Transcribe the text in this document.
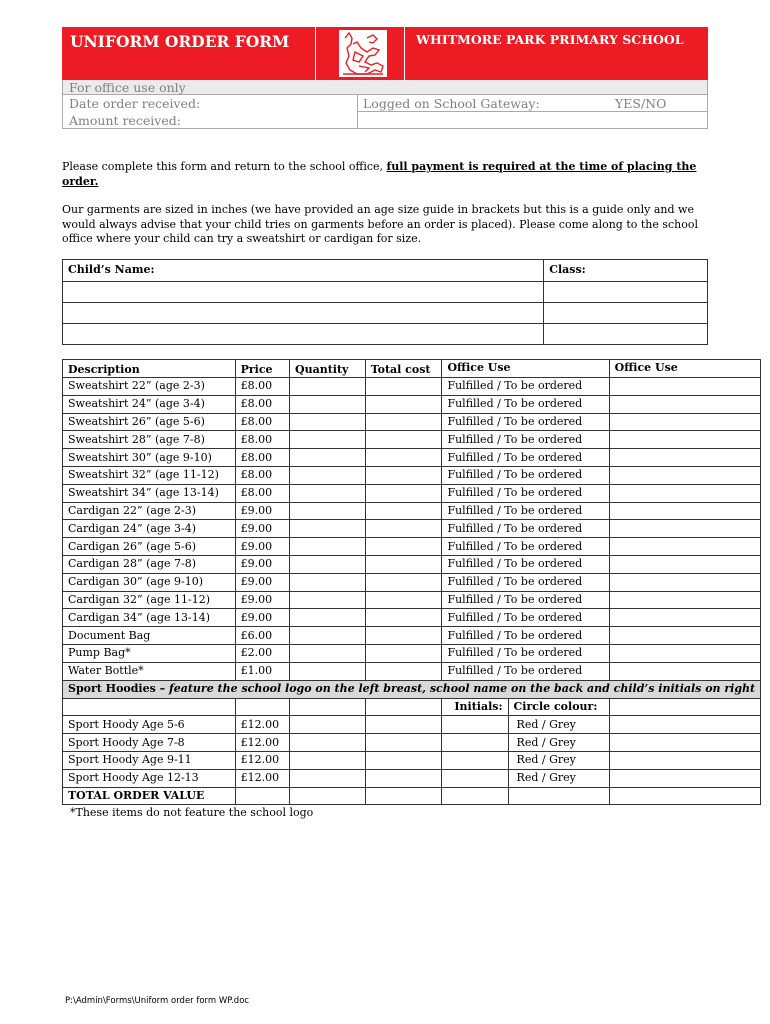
UNIFORM ORDER FORM	WHITMORE PARK PRIMARY SCHOOL
For office use only
Date order received:
Amount received:
Logged on School Gateway:	YES/NO
Please complete this form and return to the school office, full payment is required at the time of placing the order.
Our garments are sized in inches (we have provided an age size guide in brackets but this is a guide only and we would always advise that your child tries on garments before an order is placed). Please come along to the school office where your child can try a sweatshirt or cardigan for size.
Child’s Name:	Class:

Description	Price	Quantity	Total cost	Office Use		Office Use
Sweatshirt 22” (age 2-3)	£8.00			Fulfilled / To be ordered		
Sweatshirt 24” (age 3-4)	£8.00			Fulfilled / To be ordered		
Sweatshirt 26” (age 5-6)	£8.00			Fulfilled / To be ordered		
Sweatshirt 28” (age 7-8)	£8.00			Fulfilled / To be ordered		
Sweatshirt 30” (age 9-10)	£8.00			Fulfilled / To be ordered		
Sweatshirt 32” (age 11-12)	£8.00			Fulfilled / To be ordered		
Sweatshirt 34” (age 13-14)	£8.00			Fulfilled / To be ordered		
Cardigan 22” (age 2-3)	£9.00			Fulfilled / To be ordered		
Cardigan 24” (age 3-4)	£9.00			Fulfilled / To be ordered		
Cardigan 26” (age 5-6)	£9.00			Fulfilled / To be ordered		
Cardigan 28” (age 7-8)	£9.00			Fulfilled / To be ordered		
Cardigan 30” (age 9-10)	£9.00			Fulfilled / To be ordered		
Cardigan 32” (age 11-12)	£9.00			Fulfilled / To be ordered		
Cardigan 34” (age 13-14)	£9.00			Fulfilled / To be ordered		
Document Bag	£6.00			Fulfilled / To be ordered		
Pump Bag*	£2.00			Fulfilled / To be ordered		
Water Bottle*	£1.00			Fulfilled / To be ordered		
Sport Hoodies – feature the school logo on the left breast, school name on the back and child’s initials on right						
				Initials:	Circle colour:	
Sport Hoody Age 5-6	£12.00				Red / Grey	
Sport Hoody Age 7-8	£12.00				Red / Grey	
Sport Hoody Age 9-11	£12.00				Red / Grey	
Sport Hoody Age 12-13	£12.00				Red / Grey	
TOTAL ORDER VALUE						
*These items do not feature the school logo
P:\Admin\Forms\Uniform order form WP.doc
